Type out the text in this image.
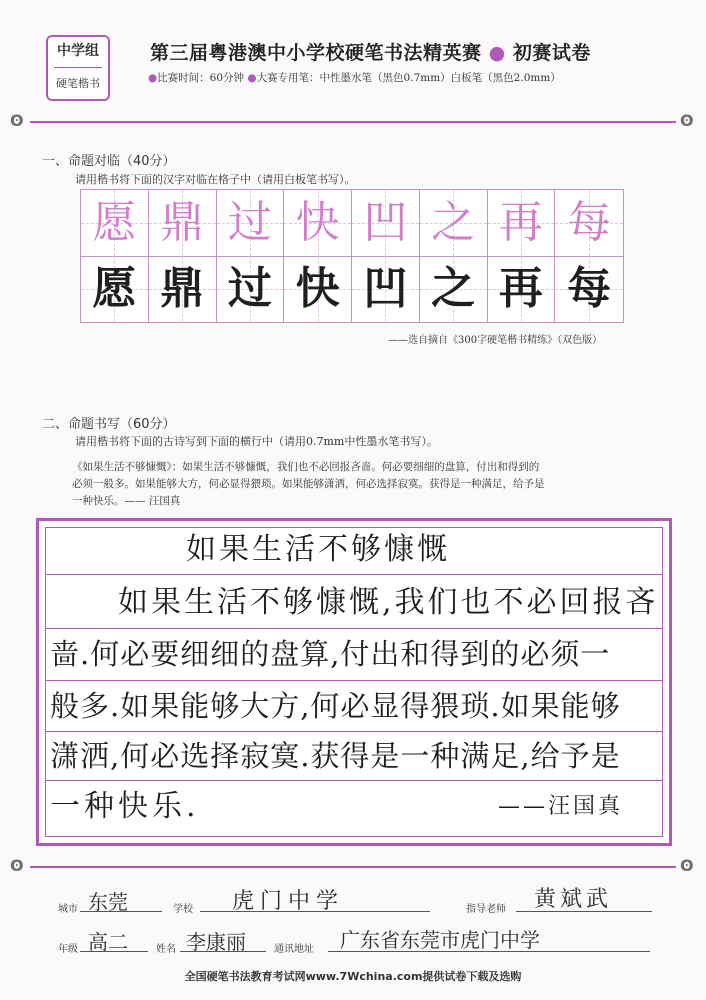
中学组
硬笔楷书
第三届粤港澳中小学校硬笔书法精英赛 ● 初赛试卷
●比赛时间：60分钟 ●大赛专用笔：中性墨水笔（黑色0.7mm）白板笔（黑色2.0mm）
ʘ	ʘ
一、命题对临（40分）
请用楷书将下面的汉字对临在格子中（请用白板笔书写）。
愿 鼎 过 快 凹 之 再 每
愿 鼎 过 快 凹 之 再 每
——选自摘自《300字硬笔楷书精练》（双色版）
二、命题书写（60分）
请用楷书将下面的古诗写到下面的横行中（请用0.7mm中性墨水笔书写）。
《如果生活不够慷慨》：如果生活不够慷慨，我们也不必回报吝啬。何必要细细的盘算，付出和得到的
必须一般多。如果能够大方，何必显得猥琐。如果能够潇洒，何必选择寂寞。获得是一种满足，给予是
一种快乐。—— 汪国真
如果生活不够慷慨
如果生活不够慷慨,我们也不必回报吝
啬.何必要细细的盘算,付出和得到的必须一
般多.如果能够大方,何必显得猥琐.如果能够
潇洒,何必选择寂寞.获得是一种满足,给予是
一种快乐.	——汪国真
ʘ	ʘ
城市 东莞	学校 虎门中学	指导老师 黄斌武
年级 高二	姓名 李康丽	通讯地址 广东省东莞市虎门中学
全国硬笔书法教育考试网www.7Wchina.com提供试卷下载及选购
